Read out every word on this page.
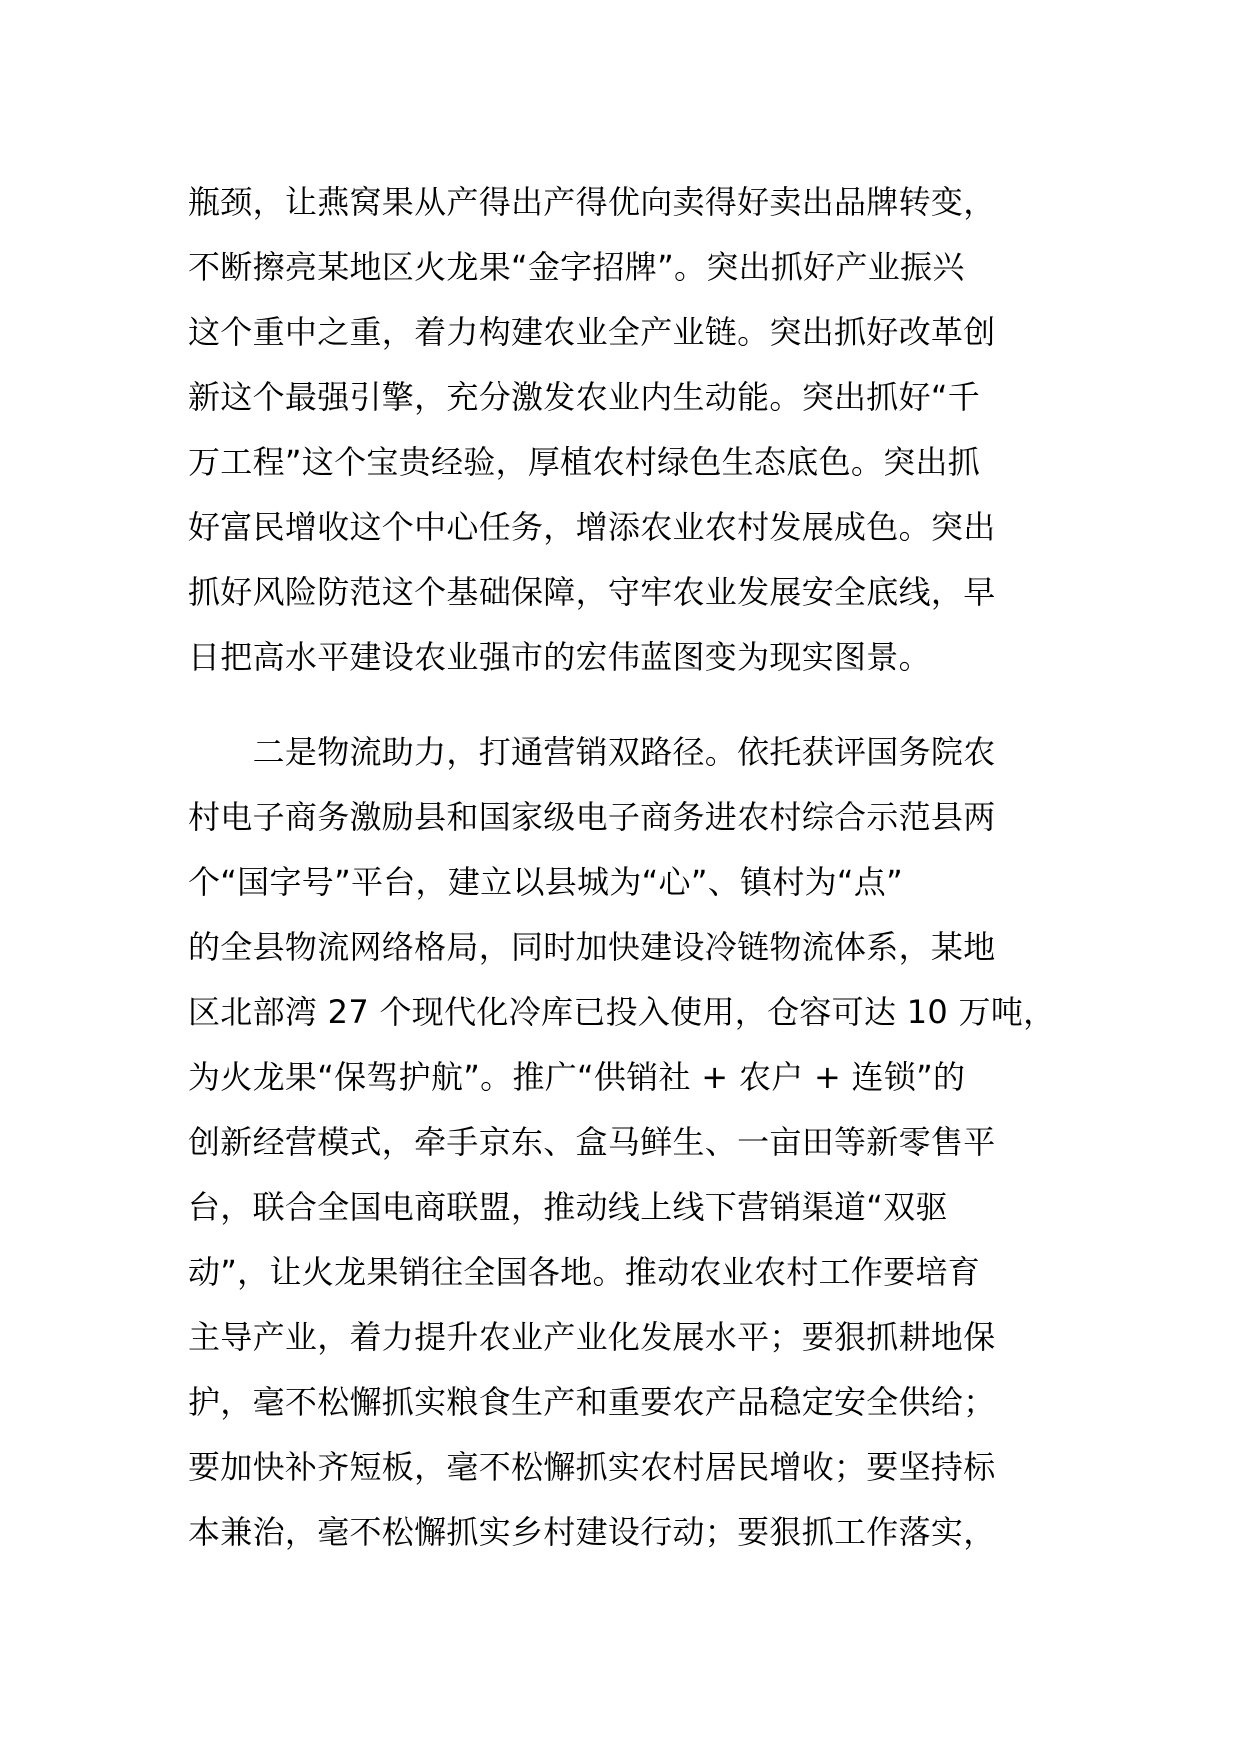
瓶颈，让燕窝果从产得出产得优向卖得好卖出品牌转变，
不断擦亮某地区火龙果“金字招牌”。突出抓好产业振兴
这个重中之重，着力构建农业全产业链。突出抓好改革创
新这个最强引擎，充分激发农业内生动能。突出抓好“千
万工程”这个宝贵经验，厚植农村绿色生态底色。突出抓
好富民增收这个中心任务，增添农业农村发展成色。突出
抓好风险防范这个基础保障，守牢农业发展安全底线，早
日把高水平建设农业强市的宏伟蓝图变为现实图景。
　　二是物流助力，打通营销双路径。依托获评国务院农
村电子商务激励县和国家级电子商务进农村综合示范县两
个“国字号”平台，建立以县城为“心”、镇村为“点”
的全县物流网络格局，同时加快建设冷链物流体系，某地
区北部湾 27 个现代化冷库已投入使用，仓容可达 10 万吨，
为火龙果“保驾护航”。推广“供销社 + 农户 + 连锁”的
创新经营模式，牵手京东、盒马鲜生、一亩田等新零售平
台，联合全国电商联盟，推动线上线下营销渠道“双驱
动”，让火龙果销往全国各地。推动农业农村工作要培育
主导产业，着力提升农业产业化发展水平；要狠抓耕地保
护，毫不松懈抓实粮食生产和重要农产品稳定安全供给；
要加快补齐短板，毫不松懈抓实农村居民增收；要坚持标
本兼治，毫不松懈抓实乡村建设行动；要狠抓工作落实，
